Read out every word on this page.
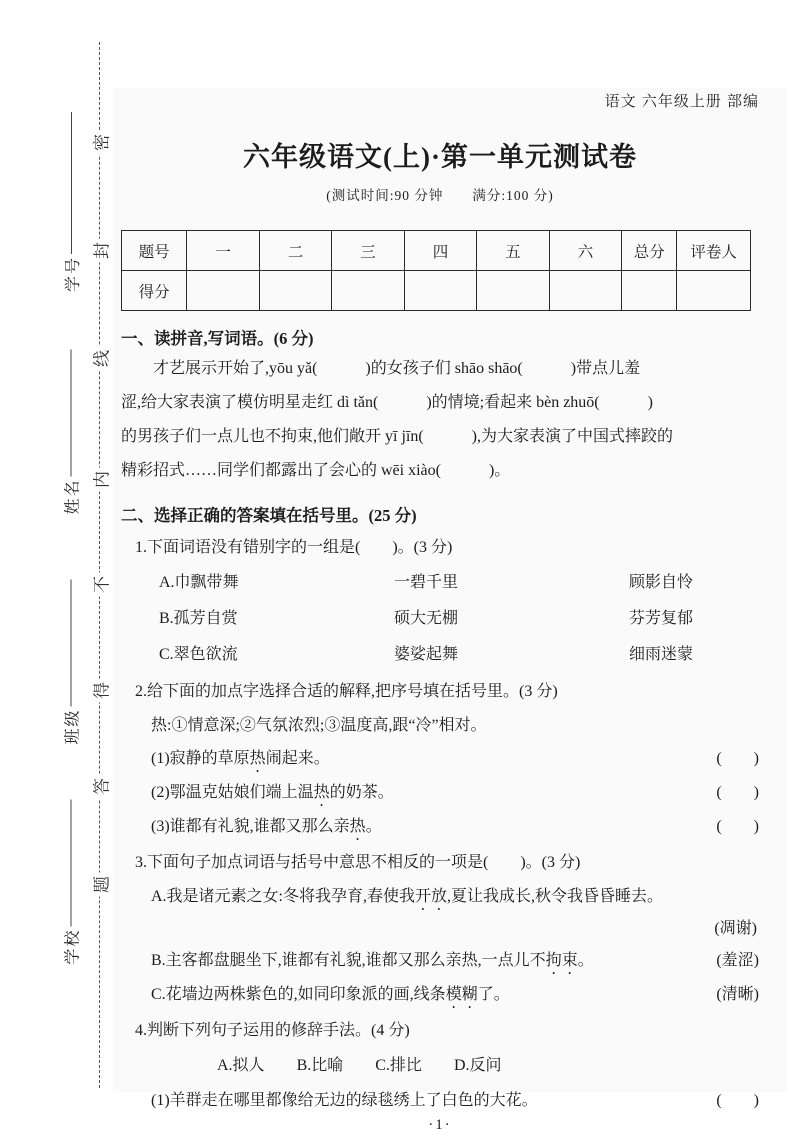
密
封
线
内
不
得
答
题
学号
姓名
班级
学校
语文 六年级上册 部编
六年级语文(上)·第一单元测试卷
(测试时间:90 分钟　　满分:100 分)
题号	一	二	三	四	五	六	总分	评卷人
得分								
一、读拼音,写词语。(6 分)
才艺展示开始了,yōu yǎ(　　　)的女孩子们 shāo shāo(　　　)带点儿羞
涩,给大家表演了模仿明星走红 dì tǎn(　　　)的情境;看起来 bèn zhuō(　　　)
的男孩子们一点儿也不拘束,他们敞开 yī jīn(　　　),为大家表演了中国式摔跤的
精彩招式……同学们都露出了会心的 wēi xiào(　　　)。
二、选择正确的答案填在括号里。(25 分)
1.下面词语没有错别字的一组是(　　)。(3 分)
A.巾飘带舞	一碧千里	顾影自怜
B.孤芳自赏	硕大无棚	芬芳复郁
C.翠色欲流	婆娑起舞	细雨迷蒙
2.给下面的加点字选择合适的解释,把序号填在括号里。(3 分)
热:①情意深;②气氛浓烈;③温度高,跟“冷”相对。
(1)寂静的草原热闹起来。	(　　)
(2)鄂温克姑娘们端上温热的奶茶。	(　　)
(3)谁都有礼貌,谁都又那么亲热。	(　　)
3.下面句子加点词语与括号中意思不相反的一项是(　　)。(3 分)
A.我是诸元素之女:冬将我孕育,春使我开放,夏让我成长,秋令我昏昏睡去。
(凋谢)
B.主客都盘腿坐下,谁都有礼貌,谁都又那么亲热,一点儿不拘束。	(羞涩)
C.花墙边两株紫色的,如同印象派的画,线条模糊了。	(清晰)
4.判断下列句子运用的修辞手法。(4 分)
A.拟人 B.比喻 C.排比 D.反问
(1)羊群走在哪里都像给无边的绿毯绣上了白色的大花。	(　　)
·1·
